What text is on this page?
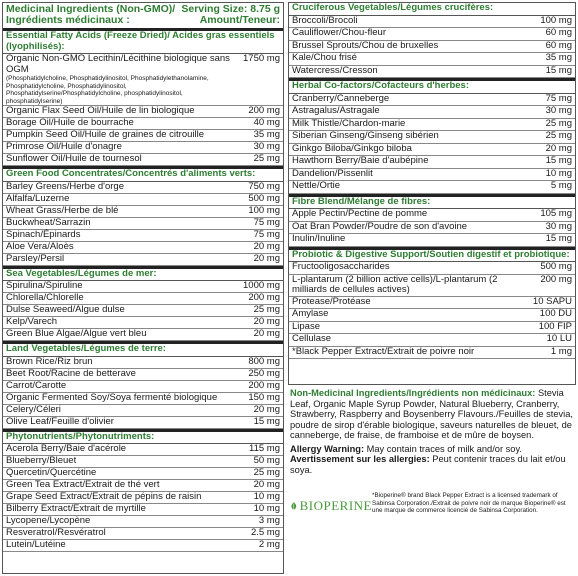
Medicinal Ingredients (Non-GMO)/
Ingrédients médicinaux :
Serving Size: 8.75 g
Amount/Teneur:
Essential Fatty Acids (Freeze Dried)/ Acides gras essentiels (lyophilisés):
Organic Non-GMO Lecithin/Lécithine biologique sans OGM
(Phosphatidylcholine, Phosphatidylinositol, Phosphatidylethanolamine, Phosphatidylcholine, Phosphatidylinositol, Phosphatidylserine/Phosphatidylcholine, phosphatidylinositol, phosphatidylserine)
1750 mg
Organic Flax Seed Oil/Huile de lin biologique	200 mg
Borage Oil/Huile de bourrache	40 mg
Pumpkin Seed Oil/Huile de graines de citrouille	35 mg
Primrose Oil/Huile d'onagre	30 mg
Sunflower Oil/Huile de tournesol	25 mg
Green Food Concentrates/Concentrés d'aliments verts:
Barley Greens/Herbe d'orge	750 mg
Alfalfa/Luzerne	500 mg
Wheat Grass/Herbe de blé	100 mg
Buckwheat/Sarrazin	75 mg
Spinach/Épinards	75 mg
Aloe Vera/Aloès	20 mg
Parsley/Persil	20 mg
Sea Vegetables/Légumes de mer:
Spirulina/Spiruline	1000 mg
Chlorella/Chlorelle	200 mg
Dulse Seaweed/Algue dulse	25 mg
Kelp/Varech	20 mg
Green Blue Algae/Algue vert bleu	20 mg
Land Vegetables/Légumes de terre:
Brown Rice/Riz brun	800 mg
Beet Root/Racine de betterave	250 mg
Carrot/Carotte	200 mg
Organic Fermented Soy/Soya fermenté biologique	150 mg
Celery/Céleri	20 mg
Olive Leaf/Feuille d'olivier	15 mg
Phytonutrients/Phytonutriments:
Acerola Berry/Baie d'acérole	115 mg
Blueberry/Bleuet	50 mg
Quercetin/Quercétine	25 mg
Green Tea Extract/Extrait de thé vert	20 mg
Grape Seed Extract/Extrait de pépins de raisin	10 mg
Bilberry Extract/Extrait de myrtille	10 mg
Lycopene/Lycopène	3 mg
Resveratrol/Resvératrol	2.5 mg
Lutein/Lutéine	2 mg
Cruciferous Vegetables/Légumes crucifères:
Broccoli/Brocoli	100 mg
Cauliflower/Chou-fleur	60 mg
Brussel Sprouts/Chou de bruxelles	60 mg
Kale/Chou frisé	35 mg
Watercress/Cresson	15 mg
Herbal Co-factors/Cofacteurs d'herbes:
Cranberry/Canneberge	75 mg
Astragalus/Astragale	30 mg
Milk Thistle/Chardon-marie	25 mg
Siberian Ginseng/Ginseng sibérien	25 mg
Ginkgo Biloba/Ginkgo biloba	20 mg
Hawthorn Berry/Baie d'aubépine	15 mg
Dandelion/Pissenlit	10 mg
Nettle/Ortie	5 mg
Fibre Blend/Mélange de fibres:
Apple Pectin/Pectine de pomme	105 mg
Oat Bran Powder/Poudre de son d'avoine	30 mg
Inulin/Inuline	15 mg
Probiotic & Digestive Support/Soutien digestif et probiotique:
Fructooligosaccharides	500 mg
L-plantarum (2 billion active cells)/L-plantarum (2 milliards de cellules actives)
200 mg
Protease/Protéase	10 SAPU
Amylase	100 DU
Lipase	100 FIP
Cellulase	10 LU
*Black Pepper Extract/Extrait de poivre noir	1 mg

Non-Medicinal Ingredients/Ingrédients non médicinaux: Stevia Leaf, Organic Maple Syrup Powder, Natural Blueberry, Cranberry, Strawberry, Raspberry and Boysenberry Flavours./Feuilles de stevia, poudre de sirop d'érable biologique, saveurs naturelles de bleuet, de canneberge, de fraise, de framboise et de mûre de boysen.

Allergy Warning: May contain traces of milk and/or soy.

Avertissement sur les allergies: Peut contenir traces du lait et/ou soya.

BIOPERINE
*Bioperine® brand Black Pepper Extract is a licensed trademark of Sabinsa Corporation./Extrait de poivre noir de marque Bioperine® est une marque de commerce licencié de Sabinsa Corporation.
